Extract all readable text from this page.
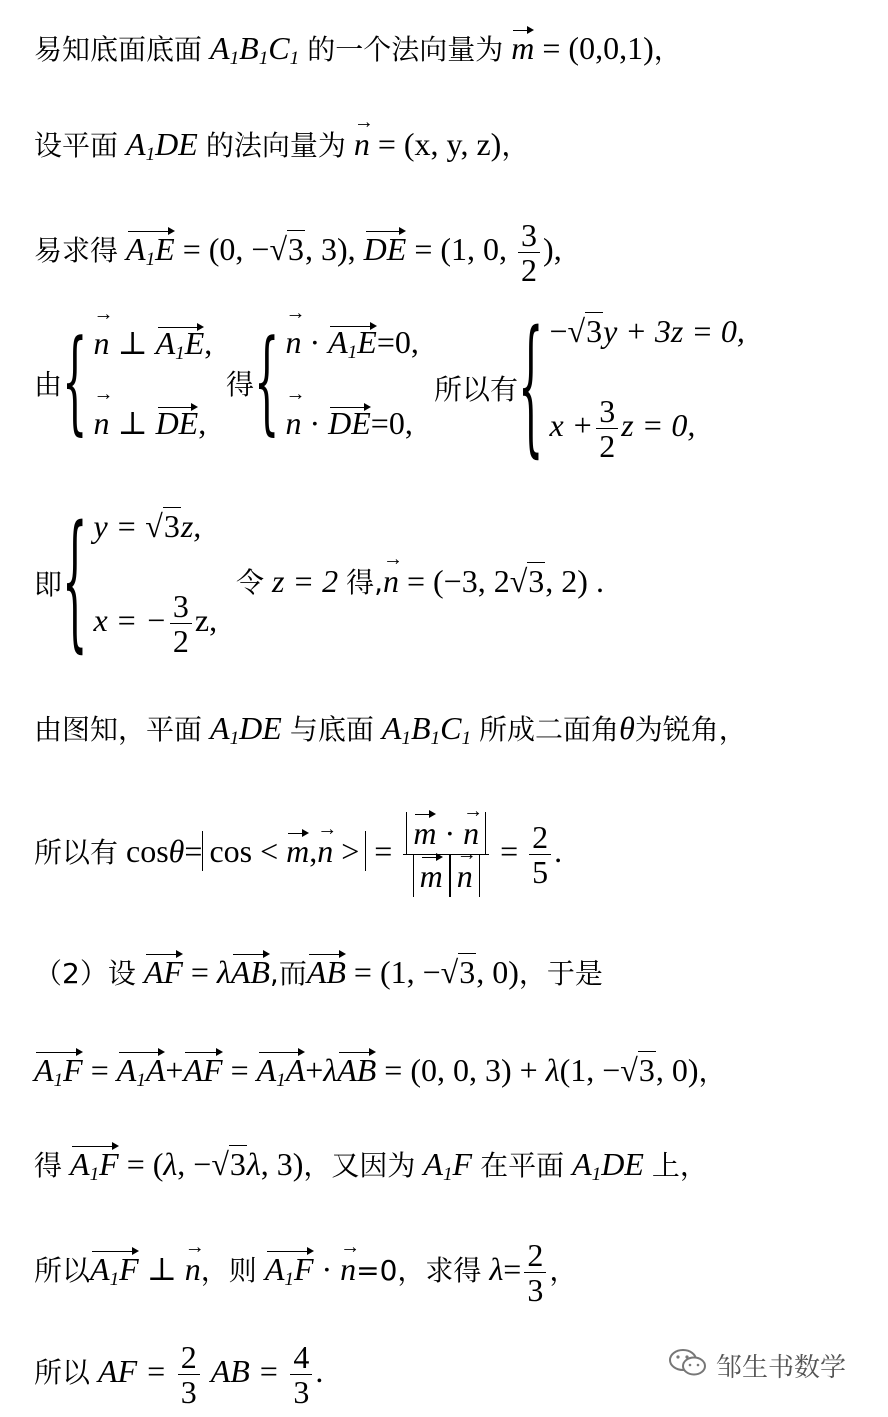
易知底面底面 $A_1B_1C_1$ 的一个法向量为 m = (0,0,1)，
设平面 $A_1DE$ 的法向量为 n → = (x, y, z)，
易求得 $A_1E = (0$, −√3, 3), DE = (1, 0, $\frac{3}{2}$ ),
由 { n → ⊥ $A_1E$,
n → ⊥ DE,
得 { n → · $A_1E=0$,
n → · DE=0,
所以有 { −√3y + 3z = 0,
$x + \frac{3}{2}$ z = 0,
即 { y = √3z,
x = − $\frac{3}{2} z$,
令 z = 2 得,n → = (−3, 2√3, 2) .
由图知，平面 $A_1DE$ 与底面 $A_1B_1C_1$ 所成二面角θ为锐角，
所以有 cosθ= cos < m,n → > = $\frac{m \cdot n \to}{\text{m n}}$ → = $\frac{2}{5}$ .
（2）设 AF = λAB,而AB = (1, −√3, 0)，于是
$A_1F = A_1A+AF = A_1A+\lambda AB = (0$, 0, 3) + λ(1, −√3, 0)，
得 $A_1F = (\lambda$, −√3λ, 3)，又因为 $A_1F$ 在平面 $A_1DE$ 上，
所以$A_1F$ ⊥ n →，则 $A_1F \cdot n \to=0$，求得 $\lambda= \frac{2}{3}$ ，
所以 AF = $\frac{2}{3}$ AB = $\frac{4}{3}$ .	邹生书数学
